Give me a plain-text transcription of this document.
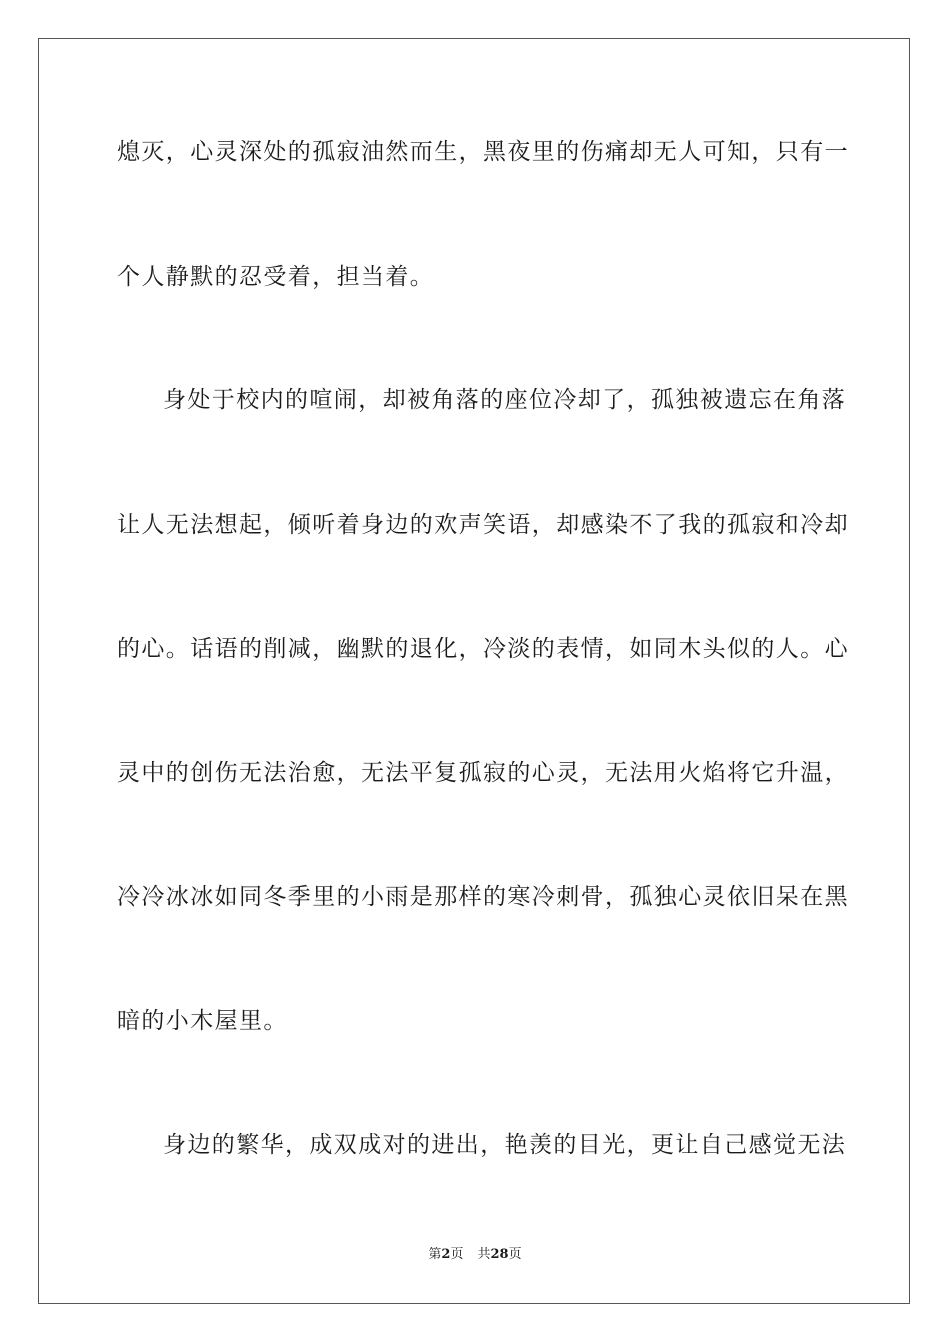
熄灭，心灵深处的孤寂油然而生，黑夜里的伤痛却无人可知，只有一
个人静默的忍受着，担当着。
身处于校内的喧闹，却被角落的座位冷却了，孤独被遗忘在角落
让人无法想起，倾听着身边的欢声笑语，却感染不了我的孤寂和冷却
的心。话语的削减，幽默的退化，冷淡的表情，如同木头似的人。心
灵中的创伤无法治愈，无法平复孤寂的心灵，无法用火焰将它升温，
冷冷冰冰如同冬季里的小雨是那样的寒冷刺骨，孤独心灵依旧呆在黑
暗的小木屋里。
身边的繁华，成双成对的进出，艳羡的目光，更让自己感觉无法
第2页 共28页
